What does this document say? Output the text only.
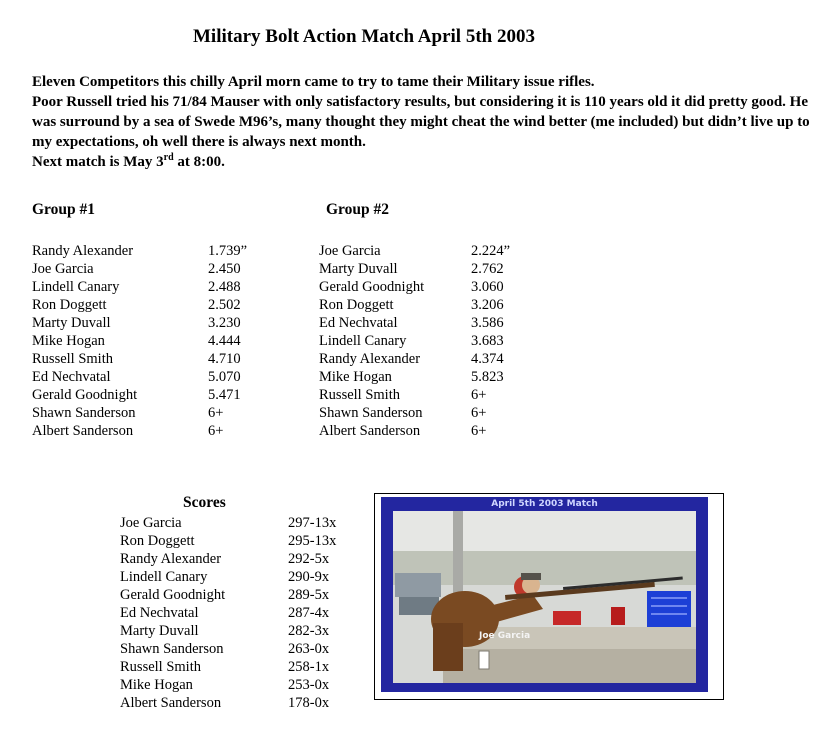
Military Bolt Action Match April 5th 2003

Eleven Competitors this chilly April morn came to try to tame their Military issue rifles.

Poor Russell tried his 71/84 Mauser with only satisfactory results, but considering it is 110 years old it did pretty good. He was surround by a sea of Swede M96’s, many thought they might cheat the wind better (me included) but didn’t live up to my expectations, oh well there is always next month.

Next match is May 3rd at 8:00.

Group #1	Group #2
Randy Alexander	1.739”
Joe Garcia	2.450
Lindell Canary	2.488
Ron Doggett	2.502
Marty Duvall	3.230
Mike Hogan	4.444
Russell Smith	4.710
Ed Nechvatal	5.070
Gerald Goodnight	5.471
Shawn Sanderson	6+
Albert Sanderson	6+
Joe Garcia	2.224”
Marty Duvall	2.762
Gerald Goodnight	3.060
Ron Doggett	3.206
Ed Nechvatal	3.586
Lindell Canary	3.683
Randy Alexander	4.374
Mike Hogan	5.823
Russell Smith	6+
Shawn Sanderson	6+
Albert Sanderson	6+
Scores
Joe Garcia	297-13x
Ron Doggett	295-13x
Randy Alexander	292-5x
Lindell Canary	290-9x
Gerald Goodnight	289-5x
Ed Nechvatal	287-4x
Marty Duvall	282-3x
Shawn Sanderson	263-0x
Russell Smith	258-1x
Mike Hogan	253-0x
Albert Sanderson	178-0x
April 5th 2003 Match
Joe Garcia
